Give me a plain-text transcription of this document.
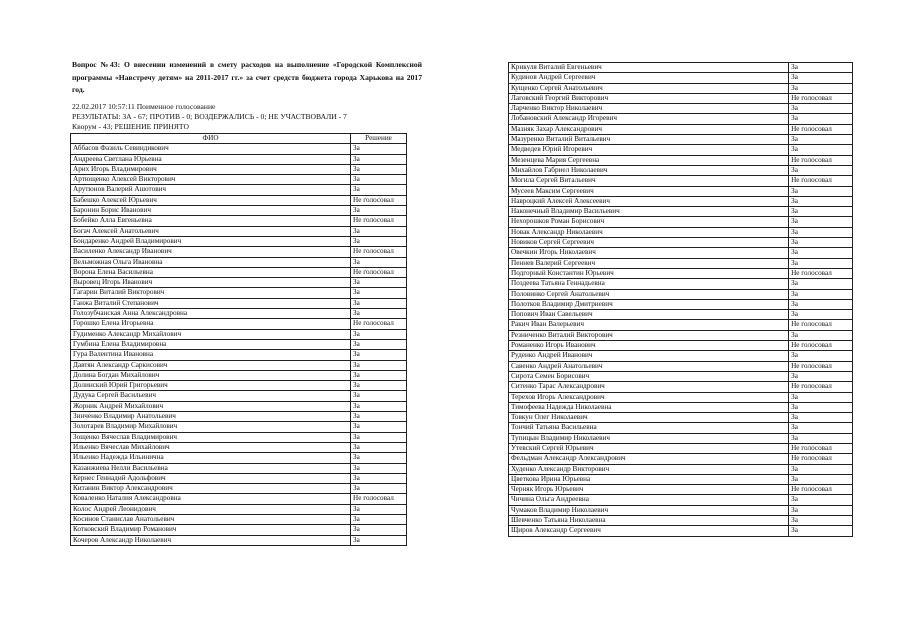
Вопрос №43: О внесении изменений в смету расходов на выполнение «Городской Комплексной программы «Навстречу детям» на 2011-2017 гг.» за счет средств бюджета города Харькова на 2017 год.
22.02.2017 10:57:11 Поименное голосование
РЕЗУЛЬТАТЫ: ЗА - 67; ПРОТИВ - 0; ВОЗДЕРЖАЛИСЬ - 0; НЕ УЧАСТВОВАЛИ - 7
Кворум - 43; РЕШЕНИЕ ПРИНЯТО
ФИО	Решение
Аббасов Фазиль Севиндикович	За
Андреева Светлана Юрьевна	За
Арих Игорь Владимирович	За
Артющенко Алексей Викторович	За
Арутюнов Валерий Ашотович	За
Бабешко Алексей Юрьевич	Не голосовал
Баронин Борис Иванович	За
Бобейко Алла Евгеньевна	Не голосовал
Богач Алексей Анатольевич	За
Бондаренко Андрей Владимирович	За
Василенко Александр Иванович	Не голосовал
Вельможная Ольга Ивановна	За
Ворона Елена Васильевна	Не голосовал
Выровец Игорь Иванович	За
Гагарин Виталий Викторович	За
Ганжа Виталий Степанович	За
Голозубчанская Анна Александровна	За
Горошко Елена Игорьевна	Не голосовал
Гудименко Александр Михайлович	За
Гумбина Елена Владимировна	За
Гура Валентина Ивановна	За
Давтян Александр Саркисович	За
Долина Богдан Михайлович	За
Долинский Юрий Григорьевич	За
Дудука Сергей Васильевич	За
Жорник Андрей Михайлович	За
Зинченко Владимир Анатольевич	За
Золотарев Владимир Михайлович	За
Зощенко Вячеслав Владимирович	За
Ильенко Вячеслав Михайлович	За
Ильенко Надежда Ильинична	За
Казанжиева Нелли Васильевна	За
Кернес Геннадий Адольфович	За
Китанин Виктор Александрович	За
Коваленко Наталия Александровна	Не голосовал
Колос Андрей Леонидович	За
Косинов Станислав Анатольевич	За
Котковский Владимир Романович	За
Кочеров Александр Николаевич	За
Крикуля Виталий Евгеньевич	За
Кудинов Андрей Сергеевич	За
Кущенко Сергей Анатольевич	За
Лаговский Георгий Викторович	Не голосовал
Ларченко Виктор Николаевич	За
Лобановский Александр Игоревич	За
Мазняк Захар Александрович	Не голосовал
Мазуренко Виталий Витальевич	За
Медведев Юрий Игоревич	За
Мезенцева Мария Сергеевна	Не голосовал
Михайлов Габриел Николаевич	За
Могила Сергей Витальевич	Не голосовал
Мусеев Максим Сергеевич	За
Навроцкий Алексей Алексеевич	За
Наконечный Владимир Васильевич	За
Нехорошков Роман Борисович	За
Новак Александр Николаевич	За
Новиков Сергей Сергеевич	За
Овечкин Игорь Николаевич	За
Пеннев Валерий Сергеевич	За
Подгорный Константин Юрьевич	Не голосовал
Поздеева Татьяна Геннадьевна	За
Половинко Сергей Анатольевич	За
Полотков Владимир Дмитриевич	За
Попович Иван Савельевич	За
Ракич Иван Валерьевич	Не голосовал
Резниченко Виталий Викторович	За
Романенко Игорь Иванович	Не голосовал
Руденко Андрей Иванович	За
Савенко Андрей Анатольевич	Не голосовал
Сирота Семен Борисович	За
Ситенко Тарас Александрович	Не голосовал
Терехов Игорь Александрович	За
Тимофеева Надежда Николаевна	За
Товкун Олег Николаевич	За
Тончий Татьяна Васильевна	За
Тупицын Владимир Николаевич	За
Утевский Сергей Юрьевич	Не голосовал
Фельдман Александр Александрович	Не голосовал
Худенко Александр Викторович	За
Цветкова Ирина Юрьевна	За
Черняк Игорь Юрьевич	Не голосовал
Чичина Ольга Андреевна	За
Чумаков Владимир Николаевич	За
Шевченко Татьяна Николаевна	За
Щиров Александр Сергеевич	За
